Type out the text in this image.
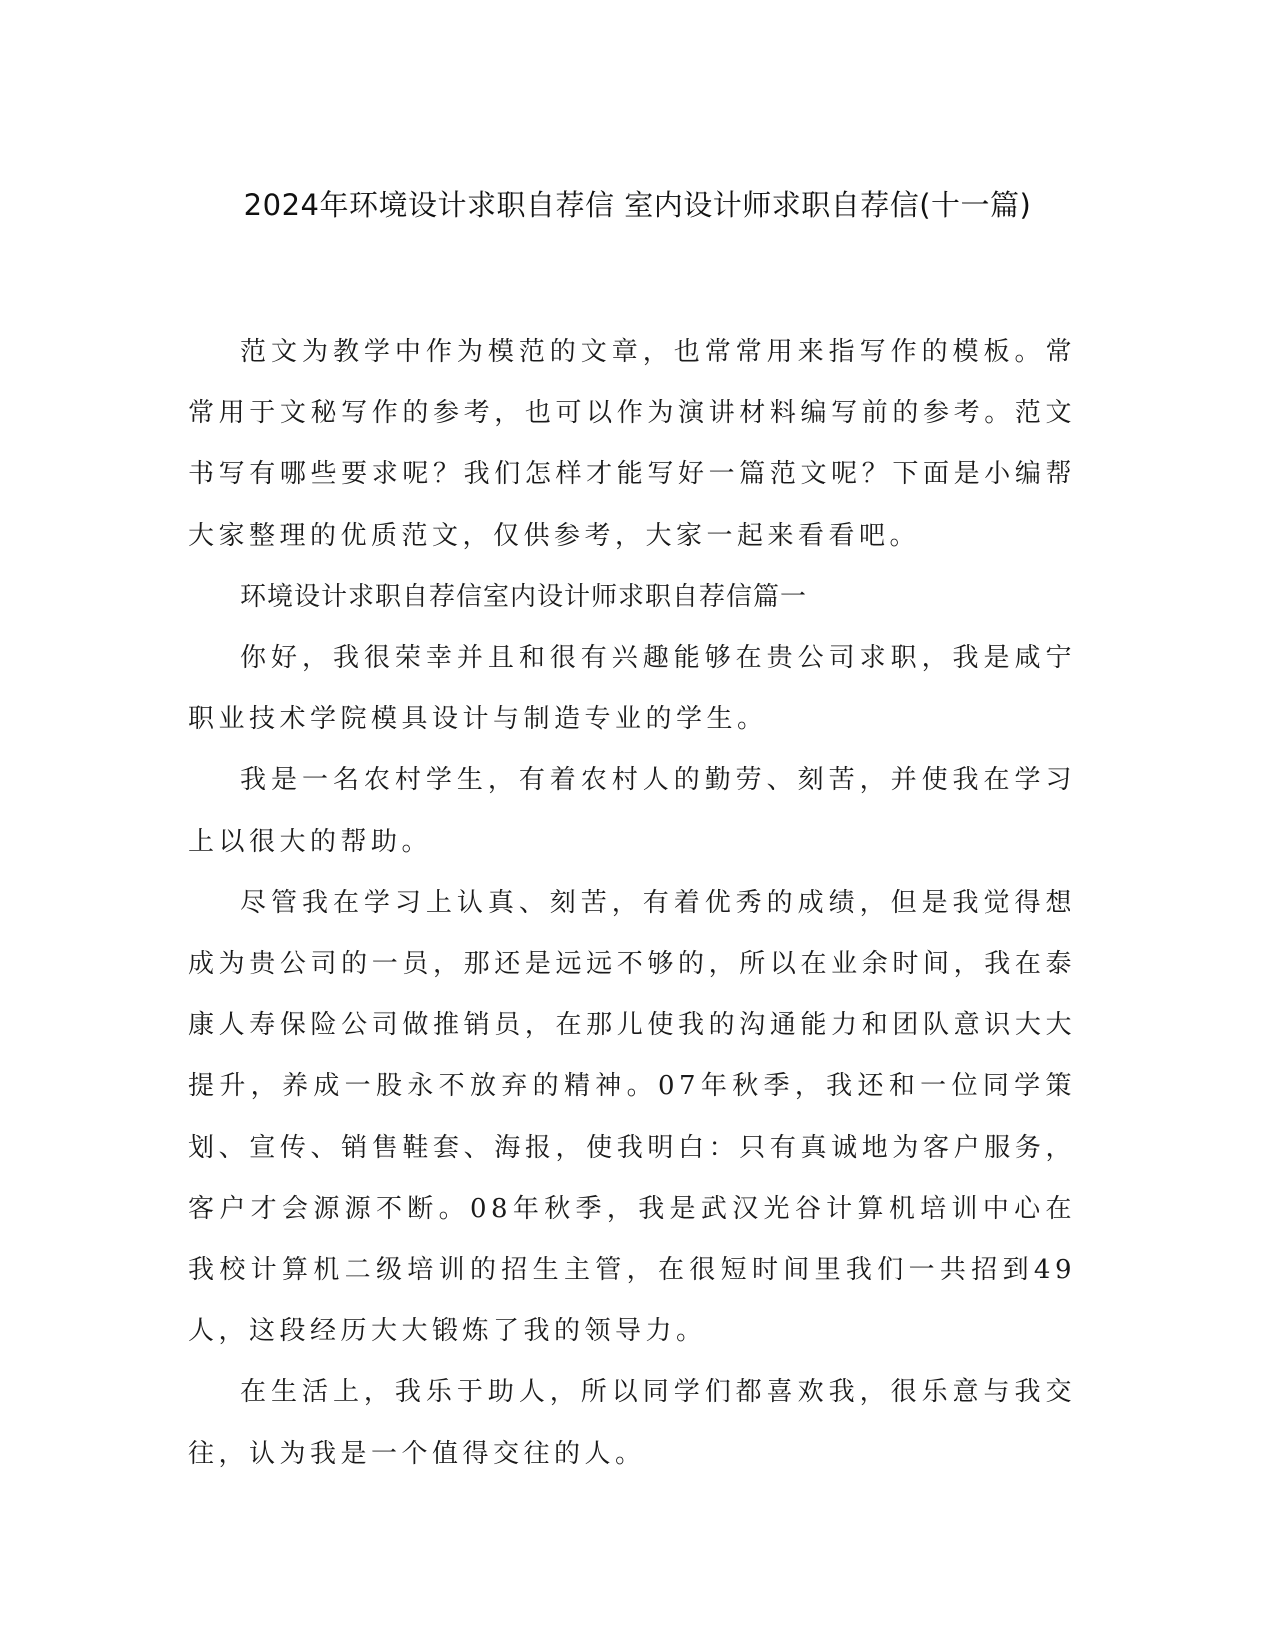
2024年环境设计求职自荐信 室内设计师求职自荐信(十一篇)

范文为教学中作为模范的文章，也常常用来指写作的模板。常常用于文秘写作的参考，也可以作为演讲材料编写前的参考。范文书写有哪些要求呢？我们怎样才能写好一篇范文呢？下面是小编帮大家整理的优质范文，仅供参考，大家一起来看看吧。

环境设计求职自荐信室内设计师求职自荐信篇一

你好，我很荣幸并且和很有兴趣能够在贵公司求职，我是咸宁职业技术学院模具设计与制造专业的学生。

我是一名农村学生，有着农村人的勤劳、刻苦，并使我在学习上以很大的帮助。

尽管我在学习上认真、刻苦，有着优秀的成绩，但是我觉得想成为贵公司的一员，那还是远远不够的，所以在业余时间，我在泰康人寿保险公司做推销员，在那儿使我的沟通能力和团队意识大大提升，养成一股永不放弃的精神。07年秋季，我还和一位同学策划、宣传、销售鞋套、海报，使我明白：只有真诚地为客户服务，客户才会源源不断。08年秋季，我是武汉光谷计算机培训中心在我校计算机二级培训的招生主管，在很短时间里我们一共招到49人，这段经历大大锻炼了我的领导力。

在生活上，我乐于助人，所以同学们都喜欢我，很乐意与我交往，认为我是一个值得交往的人。
